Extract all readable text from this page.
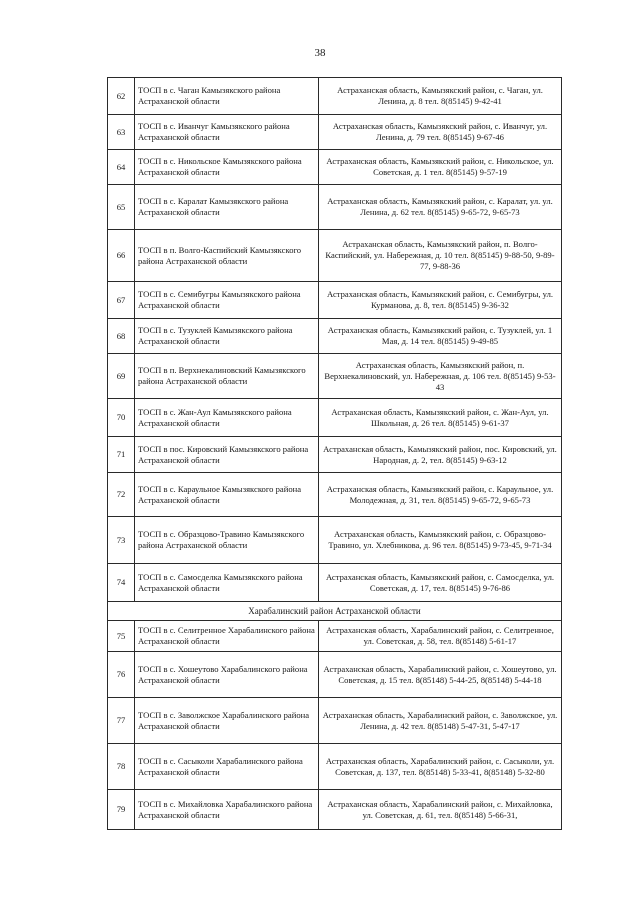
38
62	ТОСП в с. Чаган Камызякского района Астраханской области	Астраханская область, Камызякский район, с. Чаган, ул. Ленина, д. 8 тел. 8(85145) 9-42-41
63	ТОСП в с. Иванчуг Камызякского района Астраханской области	Астраханская область, Камызякский район, с. Иванчуг, ул. Ленина, д. 79 тел. 8(85145) 9-67-46
64	ТОСП в с. Никольское Камызякского района Астраханской области	Астраханская область, Камызякский район, с. Никольское, ул. Советская, д. 1 тел. 8(85145) 9-57-19
65	ТОСП в с. Каралат Камызякского района Астраханской области	Астраханская область, Камызякский район, с. Каралат, ул. ул. Ленина, д. 62 тел. 8(85145) 9-65-72, 9-65-73
66	ТОСП в п. Волго-Каспийский Камызякского района Астраханской области	Астраханская область, Камызякский район, п. Волго-Каспийский, ул. Набережная, д. 10 тел. 8(85145) 9-88-50, 9-89-77, 9-88-36
67	ТОСП в с. Семибугры Камызякского района Астраханской области	Астраханская область, Камызякский район, с. Семибугры, ул. Курманова, д. 8, тел. 8(85145) 9-36-32
68	ТОСП в с. Тузуклей Камызякского района Астраханской области	Астраханская область, Камызякский район, с. Тузуклей, ул. 1 Мая, д. 14 тел. 8(85145) 9-49-85
69	ТОСП в п. Верхнекалиновский Камызякского района Астраханской области	Астраханская область, Камызякский район, п. Верхнекалиновский, ул. Набережная, д. 106 тел. 8(85145) 9-53-43
70	ТОСП в с. Жан-Аул Камызякского района Астраханской области	Астраханская область, Камызякский район, с. Жан-Аул, ул. Школьная, д. 26 тел. 8(85145) 9-61-37
71	ТОСП в пос. Кировский Камызякского района Астраханской области	Астраханская область, Камызякский район, пос. Кировский, ул. Народная, д. 2, тел. 8(85145) 9-63-12
72	ТОСП в с. Караульное Камызякского района Астраханской области	Астраханская область, Камызякский район, с. Караульное, ул. Молодежная, д. 31, тел. 8(85145) 9-65-72, 9-65-73
73	ТОСП в с. Образцово-Травино Камызякского района Астраханской области	Астраханская область, Камызякский район, с. Образцово-Травино, ул. Хлебникова, д. 96 тел. 8(85145) 9-73-45, 9-71-34
74	ТОСП в с. Самосделка Камызякского района Астраханской области	Астраханская область, Камызякский район, с. Самосделка, ул. Советская, д. 17, тел. 8(85145) 9-76-86
Харабалинский район Астраханской области		
75	ТОСП в с. Селитренное Харабалинского района Астраханской области	Астраханская область, Харабалинский район, с. Селитренное, ул. Советская, д. 58, тел. 8(85148) 5-61-17
76	ТОСП в с. Хошеутово Харабалинского района Астраханской области	Астраханская область, Харабалинский район, с. Хошеутово, ул. Советская, д. 15 тел. 8(85148) 5-44-25, 8(85148) 5-44-18
77	ТОСП в с. Заволжское Харабалинского района Астраханской области	Астраханская область, Харабалинский район, с. Заволжское, ул. Ленина, д. 42 тел. 8(85148) 5-47-31, 5-47-17
78	ТОСП в с. Сасыколи Харабалинского района Астраханской области	Астраханская область, Харабалинский район, с. Сасыколи, ул. Советская, д. 137, тел. 8(85148) 5-33-41, 8(85148) 5-32-80
79	ТОСП в с. Михайловка Харабалинского района Астраханской области	Астраханская область, Харабалинский район, с. Михайловка, ул. Советская, д. 61, тел. 8(85148) 5-66-31,
